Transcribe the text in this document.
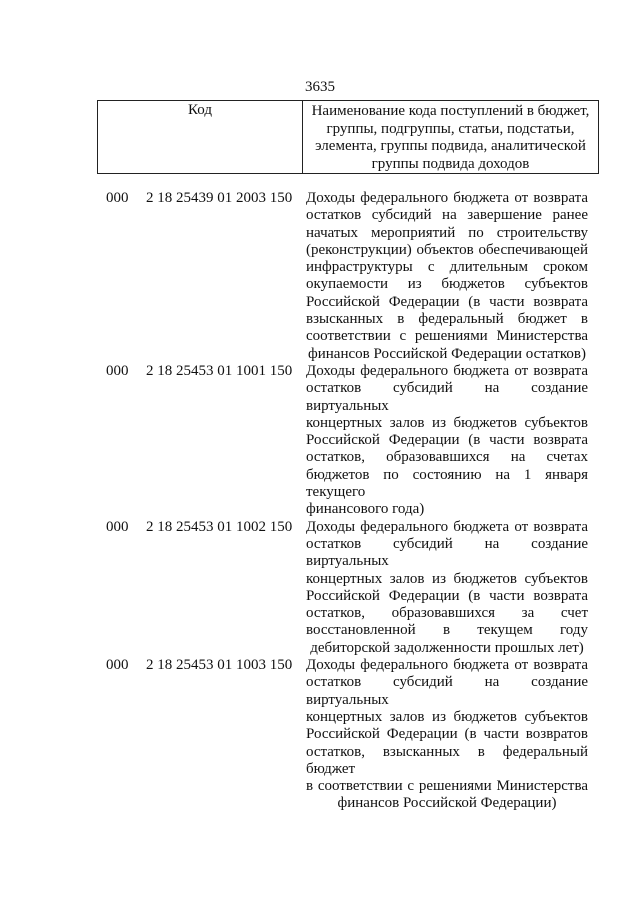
3635
Код	Наименование кода поступлений в бюджет,
группы, подгруппы, статьи, подстатьи,
элемента, группы подвида, аналитической
группы подвида доходов
000 2 18 25439 01 2003 150 Доходы федерального бюджета от возврата
остатков субсидий на завершение ранее
начатых мероприятий по строительству
(реконструкции) объектов обеспечивающей
инфраструктуры с длительным сроком
окупаемости из бюджетов субъектов
Российской Федерации (в части возврата
взысканных в федеральный бюджет в
соответствии с решениями Министерства
финансов Российской Федерации остатков)
000 2 18 25453 01 1001 150 Доходы федерального бюджета от возврата
остатков субсидий на создание виртуальных
концертных залов из бюджетов субъектов
Российской Федерации (в части возврата
остатков, образовавшихся на счетах
бюджетов по состоянию на 1 января текущего
финансового года)
000 2 18 25453 01 1002 150 Доходы федерального бюджета от возврата
остатков субсидий на создание виртуальных
концертных залов из бюджетов субъектов
Российской Федерации (в части возврата
остатков, образовавшихся за счет
восстановленной в текущем году
дебиторской задолженности прошлых лет)
000 2 18 25453 01 1003 150 Доходы федерального бюджета от возврата
остатков субсидий на создание виртуальных
концертных залов из бюджетов субъектов
Российской Федерации (в части возвратов
остатков, взысканных в федеральный бюджет
в соответствии с решениями Министерства
финансов Российской Федерации)
